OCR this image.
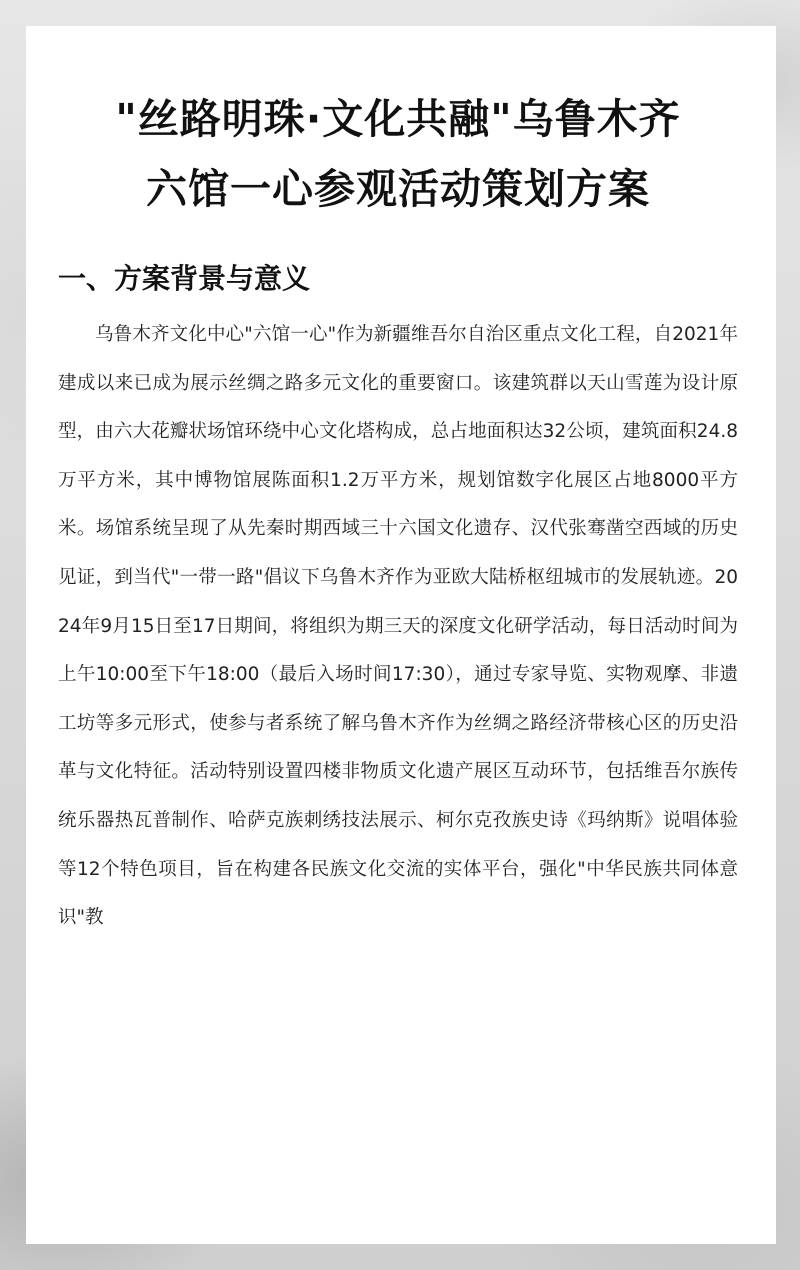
"丝路明珠·文化共融"乌鲁木齐
六馆一心参观活动策划方案
一、方案背景与意义

乌鲁木齐文化中心"六馆一心"作为新疆维吾尔自治区重点文化工程，自2021年建成以来已成为展示丝绸之路多元文化的重要窗口。该建筑群以天山雪莲为设计原型，由六大花瓣状场馆环绕中心文化塔构成，总占地面积达32公顷，建筑面积24.8万平方米，其中博物馆展陈面积1.2万平方米，规划馆数字化展区占地8000平方米。场馆系统呈现了从先秦时期西域三十六国文化遗存、汉代张骞凿空西域的历史见证，到当代"一带一路"倡议下乌鲁木齐作为亚欧大陆桥枢纽城市的发展轨迹。2024年9月15日至17日期间，将组织为期三天的深度文化研学活动，每日活动时间为上午10:00至下午18:00（最后入场时间17:30），通过专家导览、实物观摩、非遗工坊等多元形式，使参与者系统了解乌鲁木齐作为丝绸之路经济带核心区的历史沿革与文化特征。活动特别设置四楼非物质文化遗产展区互动环节，包括维吾尔族传统乐器热瓦普制作、哈萨克族刺绣技法展示、柯尔克孜族史诗《玛纳斯》说唱体验等12个特色项目，旨在构建各民族文化交流的实体平台，强化"中华民族共同体意识"教
